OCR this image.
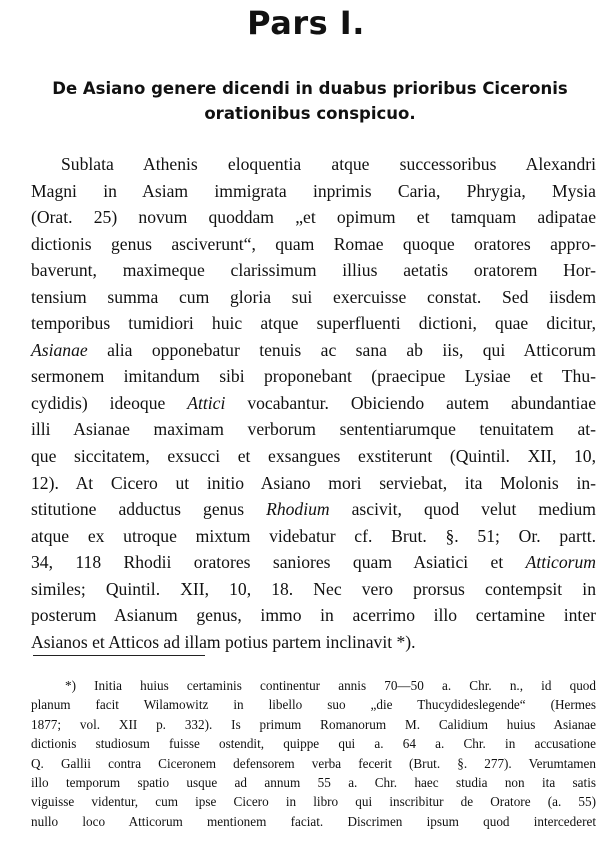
Pars I.
De Asiano genere dicendi in duabus prioribus Ciceronis
orationibus conspicuo.
Sublata Athenis eloquentia atque successoribus Alexandri
Magni in Asiam immigrata inprimis Caria, Phrygia, Mysia
(Orat. 25) novum quoddam „et opimum et tamquam adipatae
dictionis genus asciverunt“, quam Romae quoque oratores appro-
baverunt, maximeque clarissimum illius aetatis oratorem Hor-
tensium summa cum gloria sui exercuisse constat. Sed iisdem
temporibus tumidiori huic atque superfluenti dictioni, quae dicitur,
Asianae alia opponebatur tenuis ac sana ab iis, qui Atticorum
sermonem imitandum sibi proponebant (praecipue Lysiae et Thu-
cydidis) ideoque Attici vocabantur. Obiciendo autem abundantiae
illi Asianae maximam verborum sententiarumque tenuitatem at-
que siccitatem, exsucci et exsangues exstiterunt (Quintil. XII, 10,
12). At Cicero ut initio Asiano mori serviebat, ita Molonis in-
stitutione adductus genus Rhodium ascivit, quod velut medium
atque ex utroque mixtum videbatur cf. Brut. §. 51; Or. partt.
34, 118 Rhodii oratores saniores quam Asiatici et Atticorum
similes; Quintil. XII, 10, 18. Nec vero prorsus contempsit in
posterum Asianum genus, immo in acerrimo illo certamine inter
Asianos et Atticos ad illam potius partem inclinavit *).
*) Initia huius certaminis continentur annis 70—50 a. Chr. n., id quod
planum facit Wilamowitz in libello suo „die Thucydideslegende“ (Hermes
1877; vol. XII p. 332). Is primum Romanorum M. Calidium huius Asianae
dictionis studiosum fuisse ostendit, quippe qui a. 64 a. Chr. in accusatione
Q. Gallii contra Ciceronem defensorem verba fecerit (Brut. §. 277). Verumtamen
illo temporum spatio usque ad annum 55 a. Chr. haec studia non ita satis
viguisse videntur, cum ipse Cicero in libro qui inscribitur de Oratore (a. 55)
nullo loco Atticorum mentionem faciat. Discrimen ipsum quod intercederet
